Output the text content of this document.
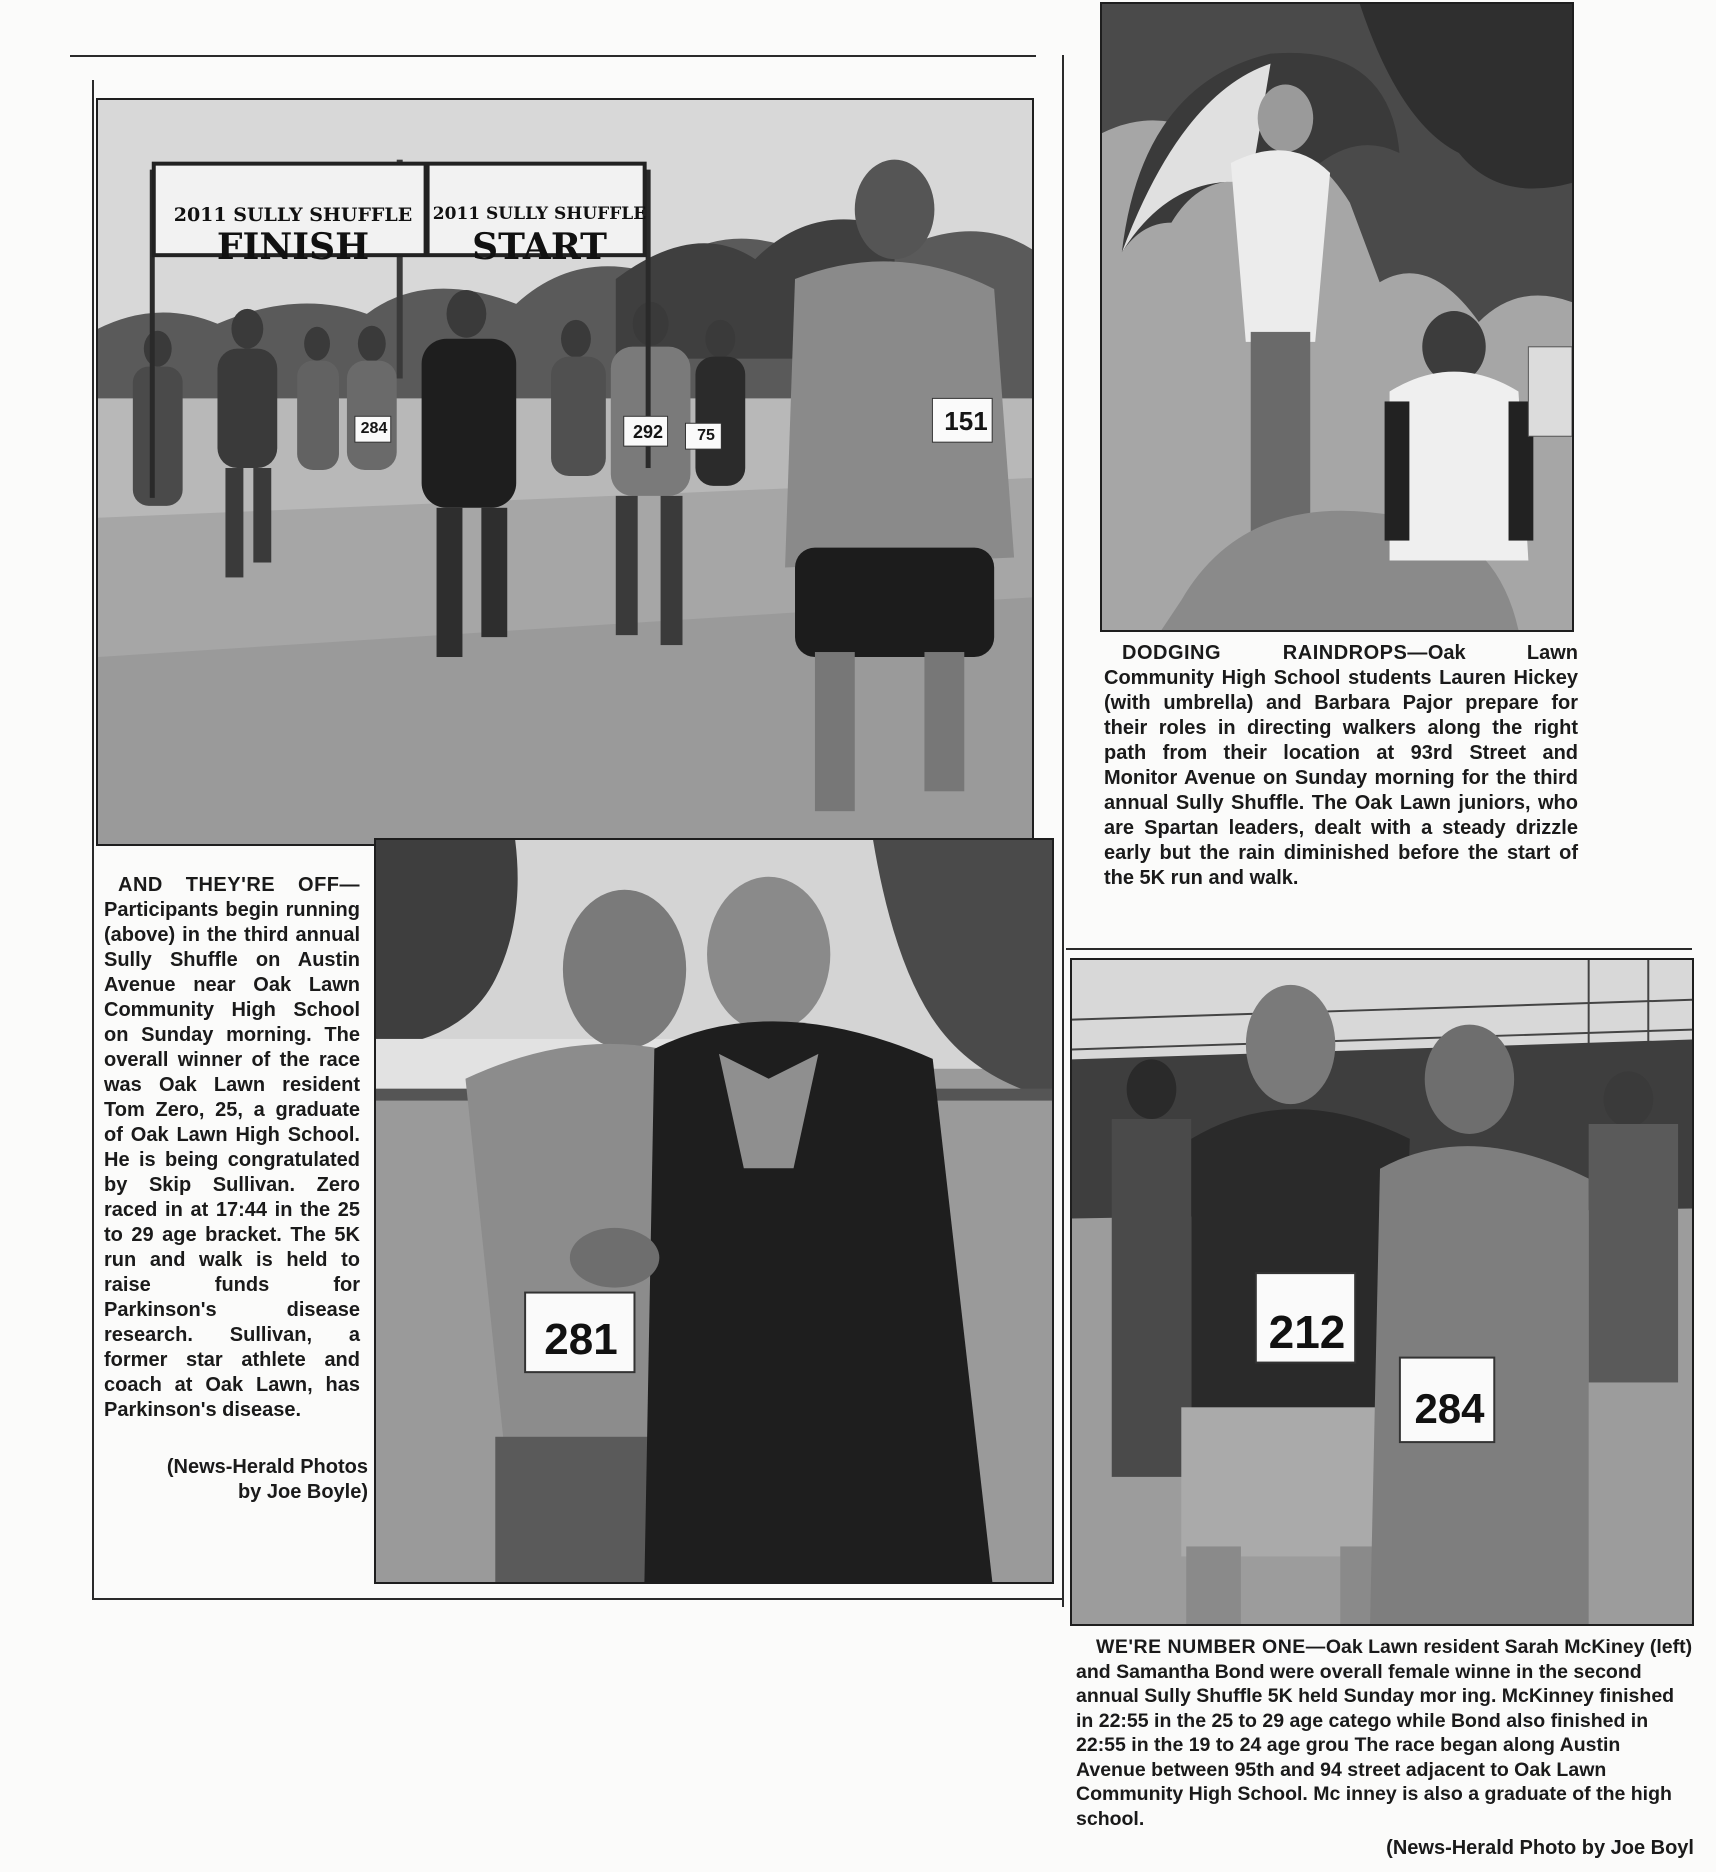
2011 SULLY SHUFFLE
FINISH
2011 SULLY SHUFFLE
START
284	292	75	151
AND THEY'RE OFF—Participants begin running (above) in the third annual Sully Shuffle on Austin Avenue near Oak Lawn Community High School on Sunday morning. The overall winner of the race was Oak Lawn resident Tom Zero, 25, a graduate of Oak Lawn High School. He is being congratulated by Skip Sullivan. Zero raced in at 17:44 in the 25 to 29 age bracket. The 5K run and walk is held to raise funds for Parkinson's disease research. Sullivan, a former star athlete and coach at Oak Lawn, has Parkinson's disease.
(News-Herald Photos
by Joe Boyle)
281
DODGING RAINDROPS—Oak Lawn Community High School students Lauren Hickey (with umbrella) and Barbara Pajor prepare for their roles in directing walkers along the right path from their location at 93rd Street and Monitor Avenue on Sunday morning for the third annual Sully Shuffle. The Oak Lawn juniors, who are Spartan leaders, dealt with a steady drizzle early but the rain diminished before the start of the 5K run and walk.
212
284
WE'RE NUMBER ONE—Oak Lawn resident Sarah McKiney (left) and Samantha Bond were overall female winne in the second annual Sully Shuffle 5K held Sunday mor ing. McKinney finished in 22:55 in the 25 to 29 age catego while Bond also finished in 22:55 in the 19 to 24 age grou The race began along Austin Avenue between 95th and 94 street adjacent to Oak Lawn Community High School. Mc inney is also a graduate of the high school.
(News-Herald Photo by Joe Boyl
